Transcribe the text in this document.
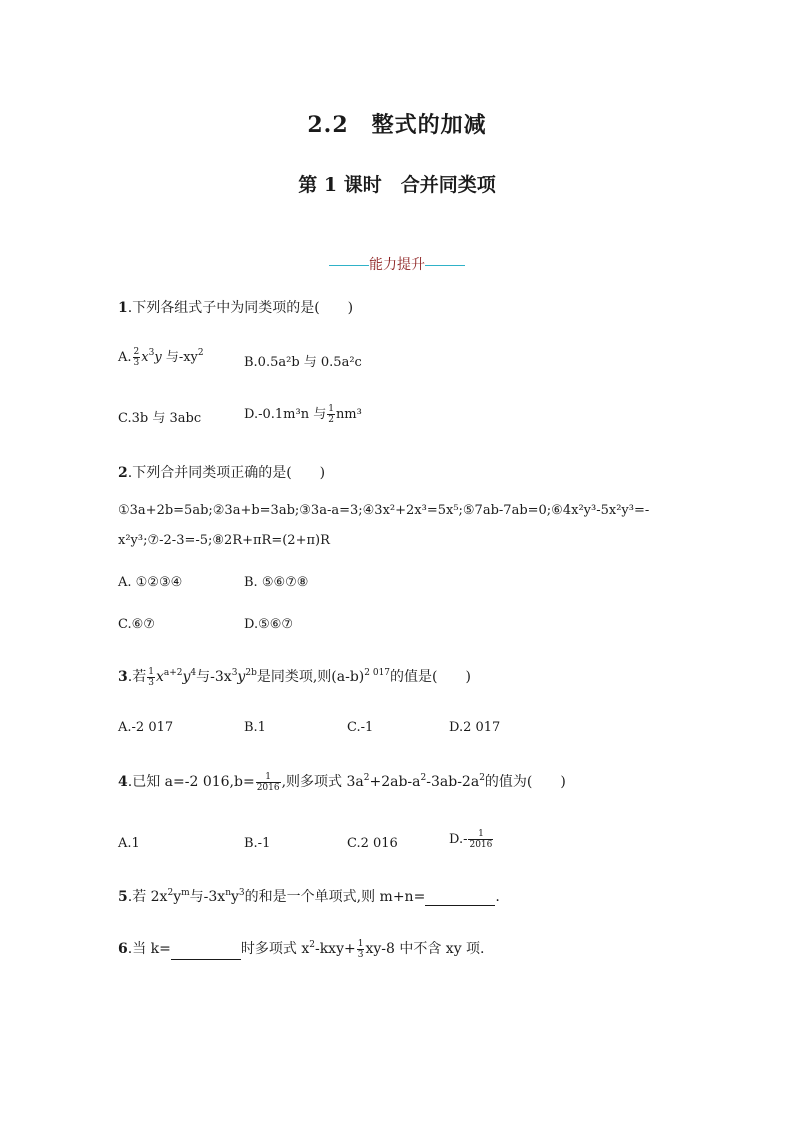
2.2　整式的加减
第 1 课时　合并同类项
能力提升
1.下列各组式子中为同类项的是(　　)
A. $\frac{2}{3} x^3y$ 与$-xy^2$
B.0.5a²b 与 0.5a²c
C.3b 与 3abc	D.-0.1m³n 与 $\frac{1}{2} nm^3$
2.下列合并同类项正确的是(　　)
①3a+2b=5ab;②3a+b=3ab;③3a-a=3;④3x²+2x³=5x⁵;⑤7ab-7ab=0;⑥4x²y³-5x²y³=-x²y³;⑦-2-3=-5;⑧2R+πR=(2+π)R
A. ①②③④	B. ⑤⑥⑦⑧
C.⑥⑦	D.⑤⑥⑦
3.若 $\frac{1}{3} x^{a+2}y^4$与$-3x^3y^{2b}$是同类项,则$(a-b)^{2 017}$的值是(　　)
A.-2 017	B.1	C.-1	D.2 017
4.已知 a=-2 $016,b= \frac{1}{2016}$ ,则多项式 $3a^2+2ab-a^2-3ab-2a^2$的值为(　　)
A.1	B.-1	C.2 016	$D.- \frac{1}{2016}$
5.若 $2x^2y^m$与$-3x^ny^3$的和是一个单项式,则 m+n=	.
6.当 k=	时多项式 $x^2-kxy+ \frac{1}{3} xy-8$ 中不含 xy 项.
